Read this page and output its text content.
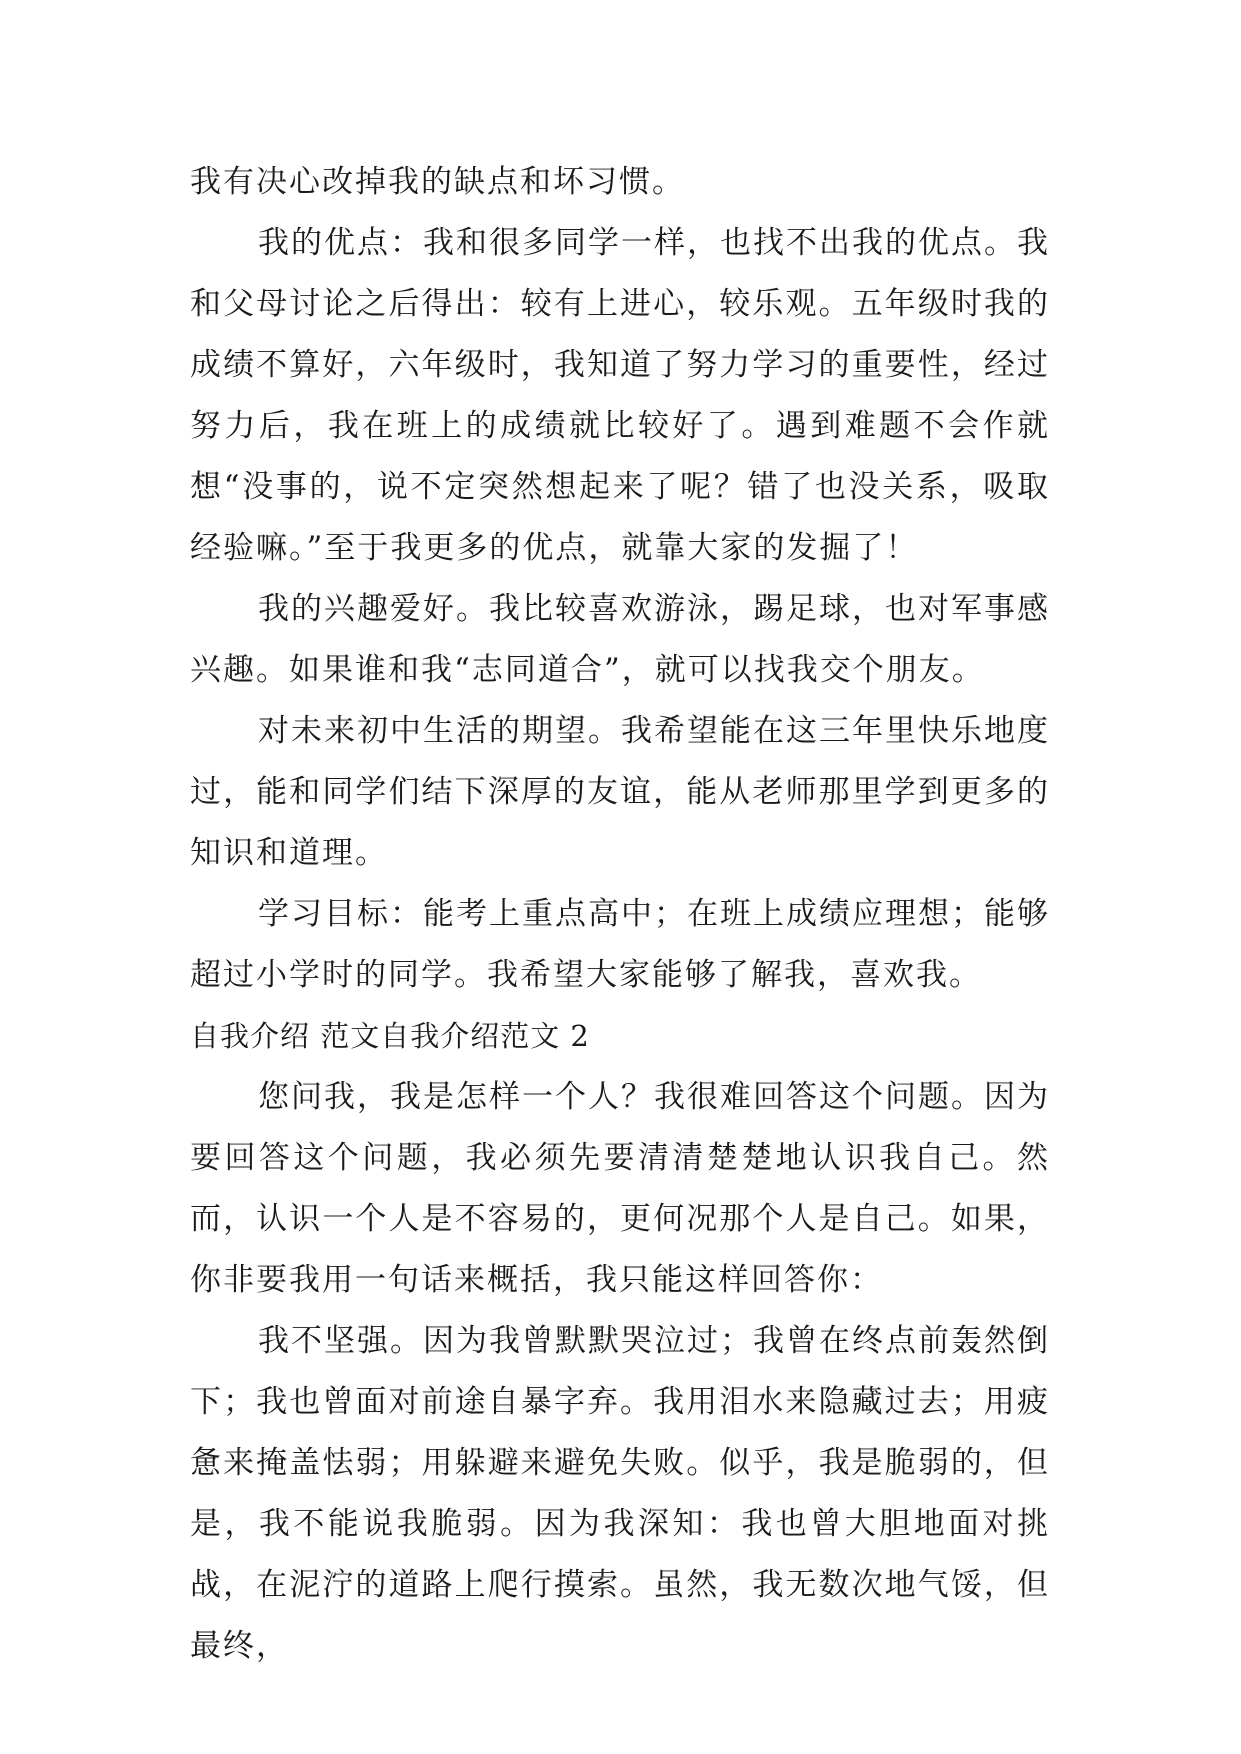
我有决心改掉我的缺点和坏习惯。

我的优点：我和很多同学一样，也找不出我的优点。我和父母讨论之后得出：较有上进心，较乐观。五年级时我的成绩不算好，六年级时，我知道了努力学习的重要性，经过努力后，我在班上的成绩就比较好了。遇到难题不会作就想“没事的，说不定突然想起来了呢？错了也没关系，吸取经验嘛。”至于我更多的优点，就靠大家的发掘了！

我的兴趣爱好。我比较喜欢游泳，踢足球，也对军事感兴趣。如果谁和我“志同道合”，就可以找我交个朋友。

对未来初中生活的期望。我希望能在这三年里快乐地度过，能和同学们结下深厚的友谊，能从老师那里学到更多的知识和道理。

学习目标：能考上重点高中；在班上成绩应理想；能够超过小学时的同学。我希望大家能够了解我，喜欢我。

自我介绍 范文自我介绍范文 2

您问我，我是怎样一个人？我很难回答这个问题。因为要回答这个问题，我必须先要清清楚楚地认识我自己。然而，认识一个人是不容易的，更何况那个人是自己。如果，你非要我用一句话来概括，我只能这样回答你：

我不坚强。因为我曾默默哭泣过；我曾在终点前轰然倒下；我也曾面对前途自暴字弃。我用泪水来隐藏过去；用疲惫来掩盖怯弱；用躲避来避免失败。似乎，我是脆弱的，但是，我不能说我脆弱。因为我深知：我也曾大胆地面对挑战，在泥泞的道路上爬行摸索。虽然，我无数次地气馁，但最终，
